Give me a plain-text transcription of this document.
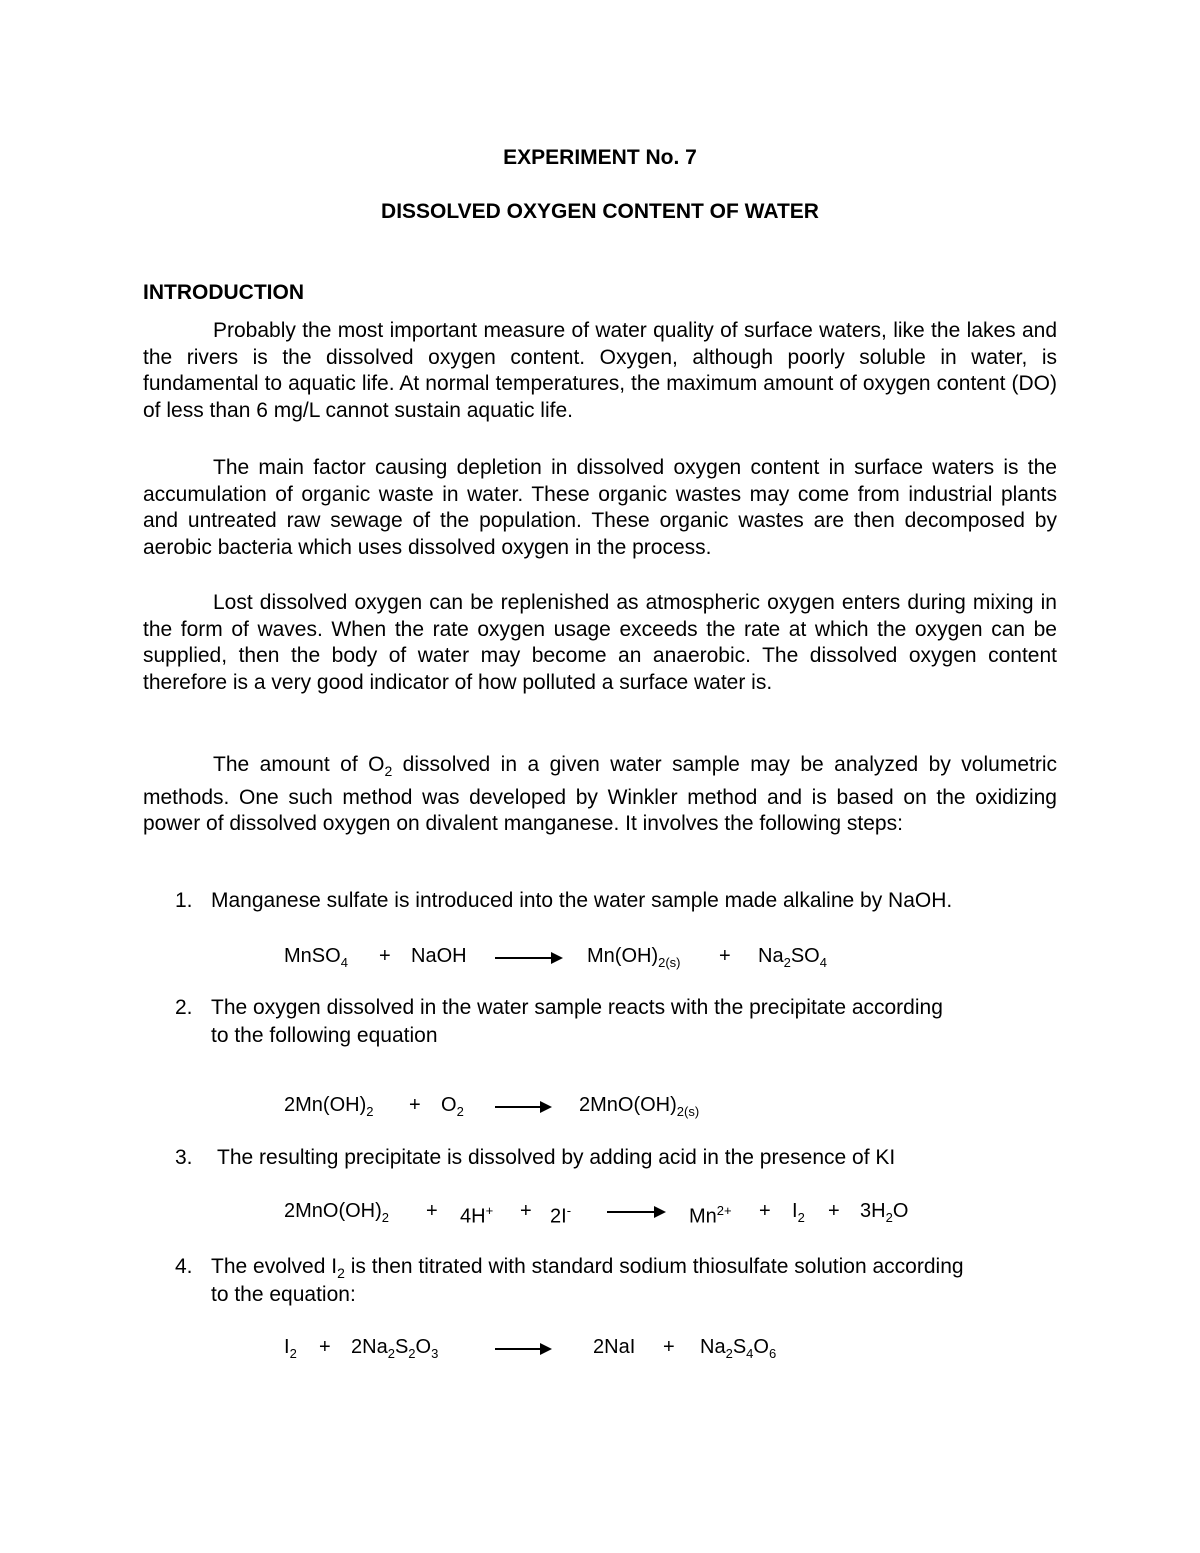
EXPERIMENT No. 7
DISSOLVED OXYGEN CONTENT OF WATER
INTRODUCTION

Probably the most important measure of water quality of surface waters, like the lakes and the rivers is the dissolved oxygen content. Oxygen, although poorly soluble in water, is fundamental to aquatic life. At normal temperatures, the maximum amount of oxygen content (DO) of less than 6 mg/L cannot sustain aquatic life.

The main factor causing depletion in dissolved oxygen content in surface waters is the accumulation of organic waste in water. These organic wastes may come from industrial plants and untreated raw sewage of the population. These organic wastes are then decomposed by aerobic bacteria which uses dissolved oxygen in the process.

Lost dissolved oxygen can be replenished as atmospheric oxygen enters during mixing in the form of waves. When the rate oxygen usage exceeds the rate at which the oxygen can be supplied, then the body of water may become an anaerobic. The dissolved oxygen content therefore is a very good indicator of how polluted a surface water is.

The amount of $O_2$ dissolved in a given water sample may be analyzed by volumetric methods. One such method was developed by Winkler method and is based on the oxidizing power of dissolved oxygen on divalent manganese. It involves the following steps:

1. Manganese sulfate is introduced into the water sample made alkaline by NaOH.
MnSO$_4$ + NaOH → $Mn(OH)_{2(s)} + Na_2SO_4$
2. The oxygen dissolved in the water sample reacts with the precipitate according
to the following equation
$2Mn(OH)_2 + O_2 \to 2MnO(OH)_{2(s)}$
3. The resulting precipitate is dissolved by adding acid in the presence of KI
$2MnO(OH)_2 + 4H^+ + 2I^- \to Mn^{2+} + I_2 + 3H_2O$
4. The evolved $I_2$ is then titrated with standard sodium thiosulfate solution according
to the equation:
$I_2 + 2Na_2S_2O_3$	$2NaI + Na_2S_4O_6$
